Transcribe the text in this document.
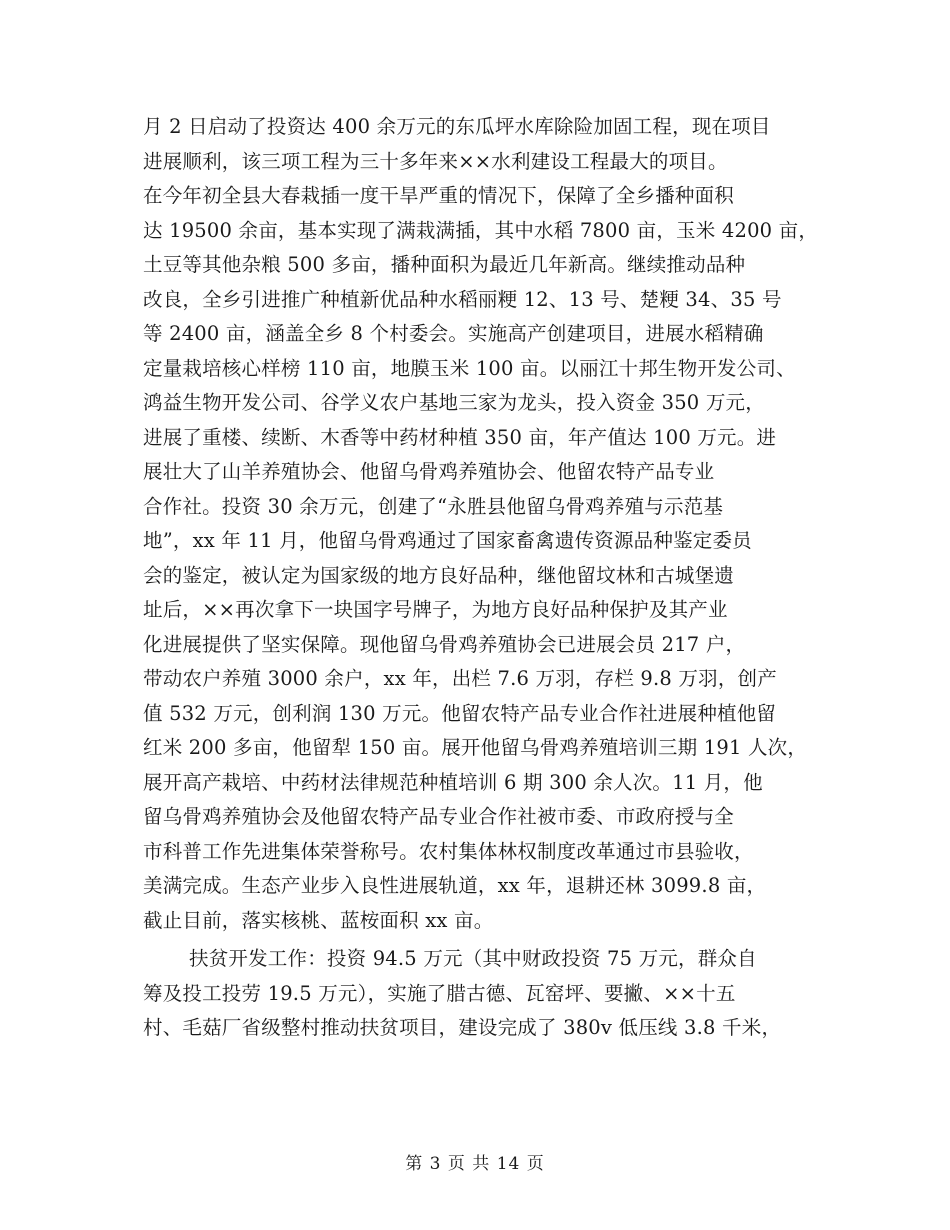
月 2 日启动了投资达 400 余万元的东瓜坪水库除险加固工程，现在项目
进展顺利，该三项工程为三十多年来××水利建设工程最大的项目。
在今年初全县大春栽插一度干旱严重的情况下，保障了全乡播种面积
达 19500 余亩，基本实现了满栽满插，其中水稻 7800 亩，玉米 4200 亩，
土豆等其他杂粮 500 多亩，播种面积为最近几年新高。继续推动品种
改良，全乡引进推广种植新优品种水稻丽粳 12、13 号、楚粳 34、35 号
等 2400 亩，涵盖全乡 8 个村委会。实施高产创建项目，进展水稻精确
定量栽培核心样榜 110 亩，地膜玉米 100 亩。以丽江十邦生物开发公司、
鸿益生物开发公司、谷学义农户基地三家为龙头，投入资金 350 万元，
进展了重楼、续断、木香等中药材种植 350 亩，年产值达 100 万元。进
展壮大了山羊养殖协会、他留乌骨鸡养殖协会、他留农特产品专业
合作社。投资 30 余万元，创建了“永胜县他留乌骨鸡养殖与示范基
地”，xx 年 11 月，他留乌骨鸡通过了国家畜禽遗传资源品种鉴定委员
会的鉴定，被认定为国家级的地方良好品种，继他留坟林和古城堡遗
址后，××再次拿下一块国字号牌子，为地方良好品种保护及其产业
化进展提供了坚实保障。现他留乌骨鸡养殖协会已进展会员 217 户，
带动农户养殖 3000 余户，xx 年，出栏 7.6 万羽，存栏 9.8 万羽，创产
值 532 万元，创利润 130 万元。他留农特产品专业合作社进展种植他留
红米 200 多亩，他留犁 150 亩。展开他留乌骨鸡养殖培训三期 191 人次，
展开高产栽培、中药材法律规范种植培训 6 期 300 余人次。11 月，他
留乌骨鸡养殖协会及他留农特产品专业合作社被市委、市政府授与全
市科普工作先进集体荣誉称号。农村集体林权制度改革通过市县验收，
美满完成。生态产业步入良性进展轨道，xx 年，退耕还林 3099.8 亩，
截止目前，落实核桃、蓝桉面积 xx 亩。
扶贫开发工作：投资 94.5 万元（其中财政投资 75 万元，群众自
筹及投工投劳 19.5 万元），实施了腊古德、瓦窑坪、要撇、××十五
村、毛菇厂省级整村推动扶贫项目，建设完成了 380v 低压线 3.8 千米，
第 3 页 共 14 页
